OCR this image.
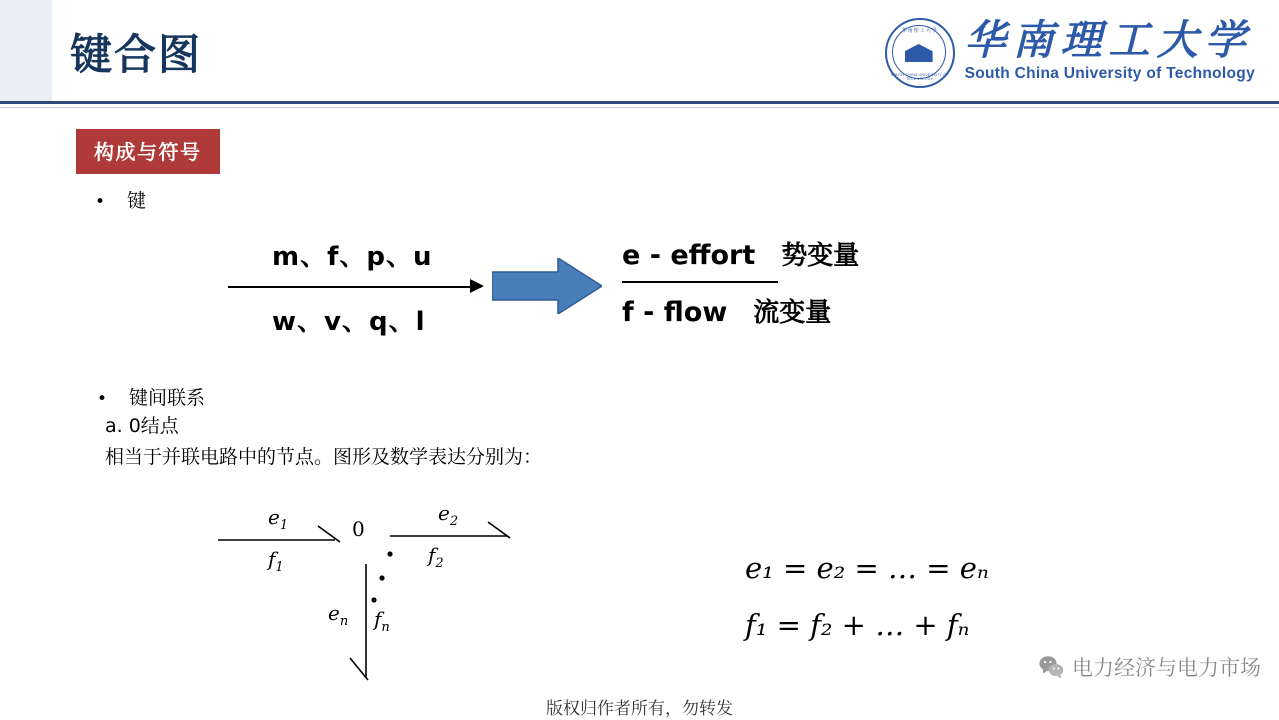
键合图	華南理工大學
SOUTH CHINA UNIVERSITY OF TECHNOLOGY
华南理工大学
South China University of Technology
构成与符号
• 键
m、f、p、u
w、v、q、l
e - effort 势变量
f - flow 流变量
• 键间联系
a. 0结点
相当于并联电路中的节点。图形及数学表达分别为：
0
$e_1$
$f_1$
$e_2$
$f_2$
$e_n$ $f_n$
e₁ = e₂ = … = eₙ
f₁ = f₂ + … + fₙ
版权归作者所有，勿转发
电力经济与电力市场
